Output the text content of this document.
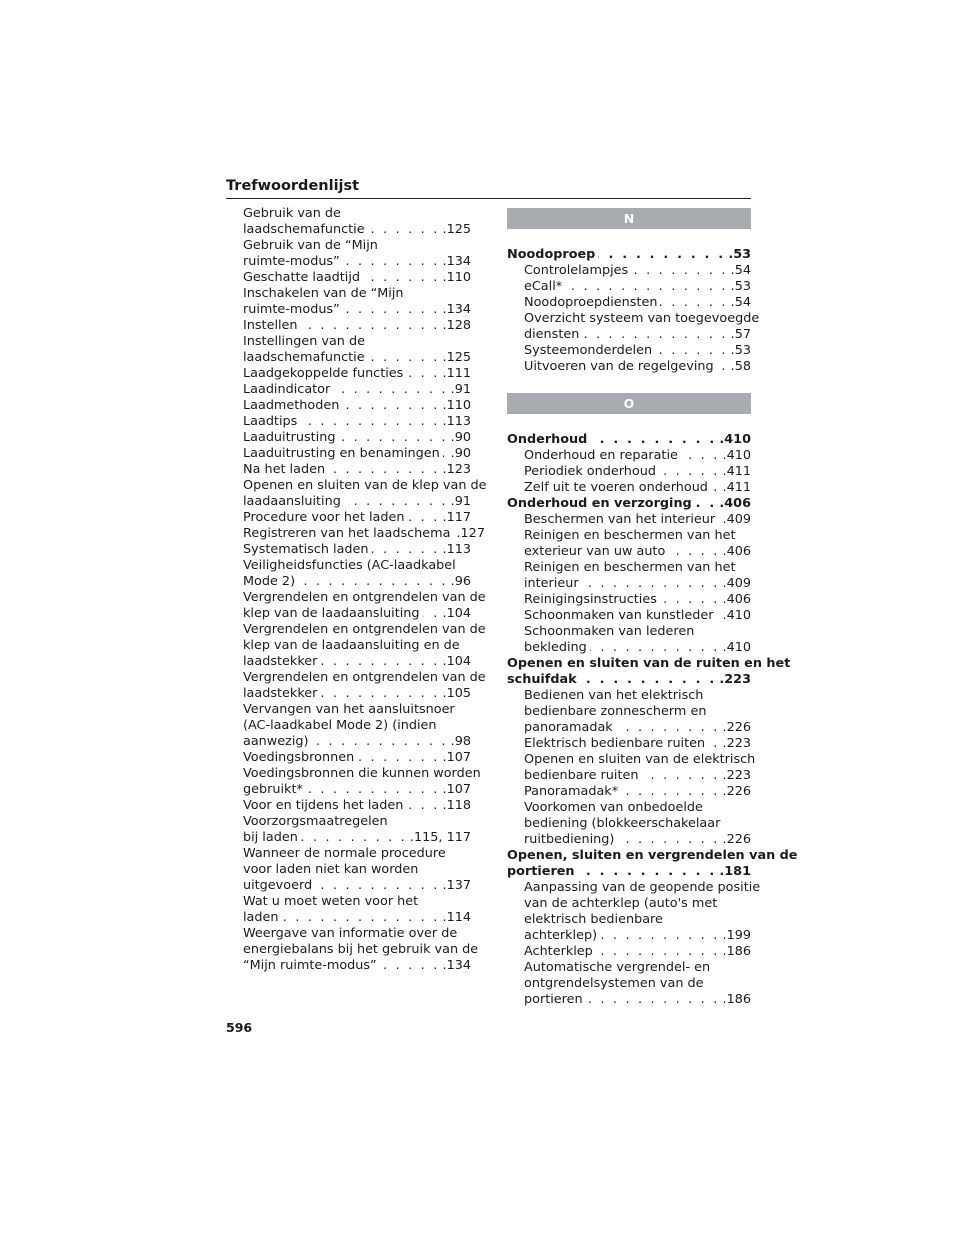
Trefwoordenlijst
Gebruik van de
laadschemafunctie . . .	.125
Gebruik van de “Mijn
ruimte-modus” . . .	.134
Geschatte laadtijd . . .	.110
Inschakelen van de “Mijn
ruimte-modus” . . .	.134
Instellen . . .	.128
Instellingen van de
laadschemafunctie . . .	.125
Laadgekoppelde functies . . .	.111
Laadindicator . . .	.91
Laadmethoden . . .	.110
Laadtips . . .	.113
Laaduitrusting . . .	.90
Laaduitrusting en benamingen . . . .90
Na het laden . . .	.123
Openen en sluiten van de klep van de
laadaansluiting . . .	.91
Procedure voor het laden . . .	.117
Registreren van het laadschema .127
Systematisch laden . . .	.113
Veiligheidsfuncties (AC-laadkabel
Mode 2) . . .	.96
Vergrendelen en ontgrendelen van de
klep van de laadaansluiting . . . .104
Vergrendelen en ontgrendelen van de
klep van de laadaansluiting en de
laadstekker . . .	.104
Vergrendelen en ontgrendelen van de
laadstekker . . .	.105
Vervangen van het aansluitsnoer
(AC-laadkabel Mode 2) (indien
aanwezig) . . .	.98
Voedingsbronnen . . .	.107
Voedingsbronnen die kunnen worden
gebruikt* . . .	.107
Voor en tijdens het laden . . .	.118
Voorzorgsmaatregelen
bij laden . . .	.115, 117
Wanneer de normale procedure
voor laden niet kan worden
uitgevoerd . . .	.137
Wat u moet weten voor het
laden . . .	.114
Weergave van informatie over de
energiebalans bij het gebruik van de
“Mijn ruimte-modus” . . .	.134
N
Noodoproep . . .	.53
Controlelampjes . . .	.54
eCall* . . .	.53
Noodoproepdiensten . . .	.54
Overzicht systeem van toegevoegde
diensten . . .	.57
Systeemonderdelen . . .	.53
Uitvoeren van de regelgeving . . . .58
O
Onderhoud . . .	.410
Onderhoud en reparatie . . .	.410
Periodiek onderhoud . . .	.411
Zelf uit te voeren onderhoud . . . .411
Onderhoud en verzorging . . . .406
Beschermen van het interieur . . . .409
Reinigen en beschermen van het
exterieur van uw auto . . .	.406
Reinigen en beschermen van het
interieur . . .	.409
Reinigingsinstructies . . .	.406
Schoonmaken van kunstleder . . . .410
Schoonmaken van lederen
bekleding . . .	.410
Openen en sluiten van de ruiten en het
schuifdak . . .	.223
Bedienen van het elektrisch
bedienbare zonnescherm en
panoramadak . . .	.226
Elektrisch bedienbare ruiten . . . .223
Openen en sluiten van de elektrisch
bedienbare ruiten . . .	.223
Panoramadak* . . .	.226
Voorkomen van onbedoelde
bediening (blokkeerschakelaar
ruitbediening) . . .	.226
Openen, sluiten en vergrendelen van de
portieren . . .	.181
Aanpassing van de geopende positie
van de achterklep (auto's met
elektrisch bedienbare
achterklep) . . .	.199
Achterklep . . .	.186
Automatische vergrendel- en
ontgrendelsystemen van de
portieren . . .	.186
596
